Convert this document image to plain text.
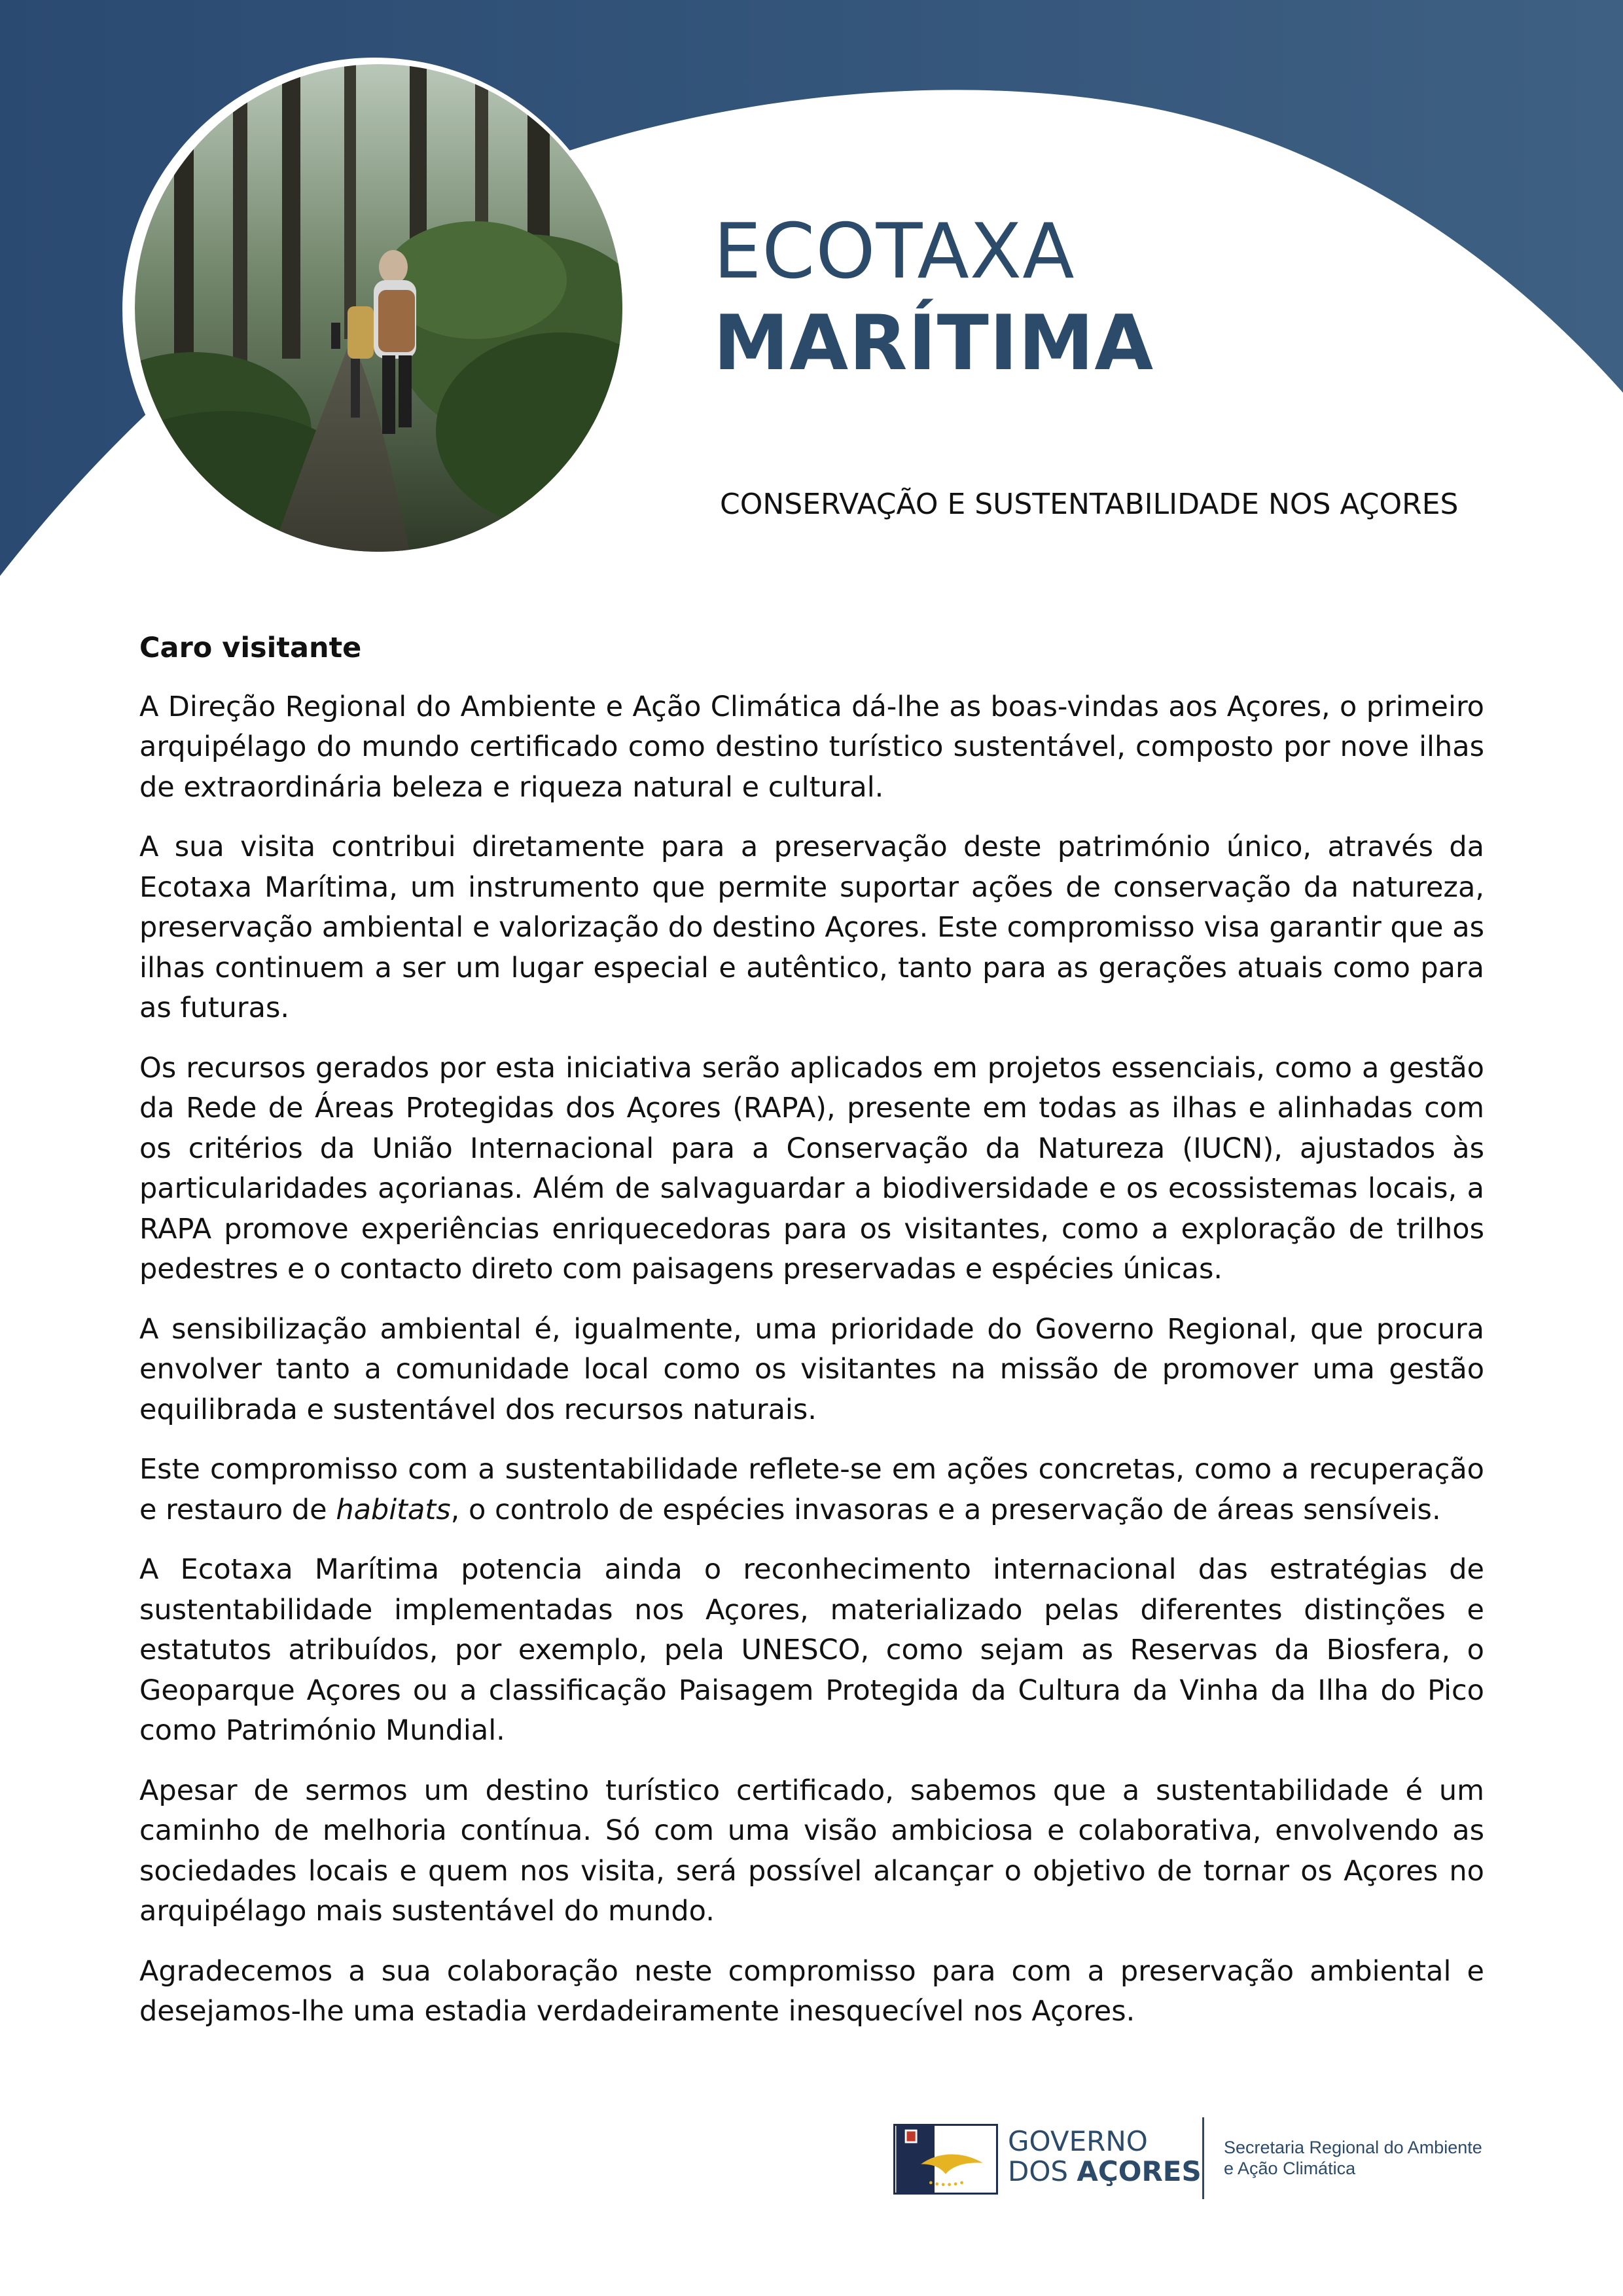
ECOTAXA
MARÍTIMA
CONSERVAÇÃO E SUSTENTABILIDADE NOS AÇORES
Caro visitante

A Direção Regional do Ambiente e Ação Climática dá-lhe as boas-vindas aos Açores, o primeiro arquipélago do mundo certificado como destino turístico sustentável, composto por nove ilhas de extraordinária beleza e riqueza natural e cultural.

A sua visita contribui diretamente para a preservação deste património único, através da Ecotaxa Marítima, um instrumento que permite suportar ações de conservação da natureza, preservação ambiental e valorização do destino Açores. Este compromisso visa garantir que as ilhas continuem a ser um lugar especial e autêntico, tanto para as gerações atuais como para as futuras.

Os recursos gerados por esta iniciativa serão aplicados em projetos essenciais, como a gestão da Rede de Áreas Protegidas dos Açores (RAPA), presente em todas as ilhas e alinhadas com os critérios da União Internacional para a Conservação da Natureza (IUCN), ajustados às particularidades açorianas. Além de salvaguardar a biodiversidade e os ecossistemas locais, a RAPA promove experiências enriquecedoras para os visitantes, como a exploração de trilhos pedestres e o contacto direto com paisagens preservadas e espécies únicas.

A sensibilização ambiental é, igualmente, uma prioridade do Governo Regional, que procura envolver tanto a comunidade local como os visitantes na missão de promover uma gestão equilibrada e sustentável dos recursos naturais.

Este compromisso com a sustentabilidade reflete-se em ações concretas, como a recuperação e restauro de habitats, o controlo de espécies invasoras e a preservação de áreas sensíveis.

A Ecotaxa Marítima potencia ainda o reconhecimento internacional das estratégias de sustentabilidade implementadas nos Açores, materializado pelas diferentes distinções e estatutos atribuídos, por exemplo, pela UNESCO, como sejam as Reservas da Biosfera, o Geoparque Açores ou a classificação Paisagem Protegida da Cultura da Vinha da Ilha do Pico como Património Mundial.

Apesar de sermos um destino turístico certificado, sabemos que a sustentabilidade é um caminho de melhoria contínua. Só com uma visão ambiciosa e colaborativa, envolvendo as sociedades locais e quem nos visita, será possível alcançar o objetivo de tornar os Açores no arquipélago mais sustentável do mundo.

Agradecemos a sua colaboração neste compromisso para com a preservação ambiental e desejamos-lhe uma estadia verdadeiramente inesquecível nos Açores.

GOVERNO
DOS AÇORES
Secretaria Regional do Ambiente
e Ação Climática
